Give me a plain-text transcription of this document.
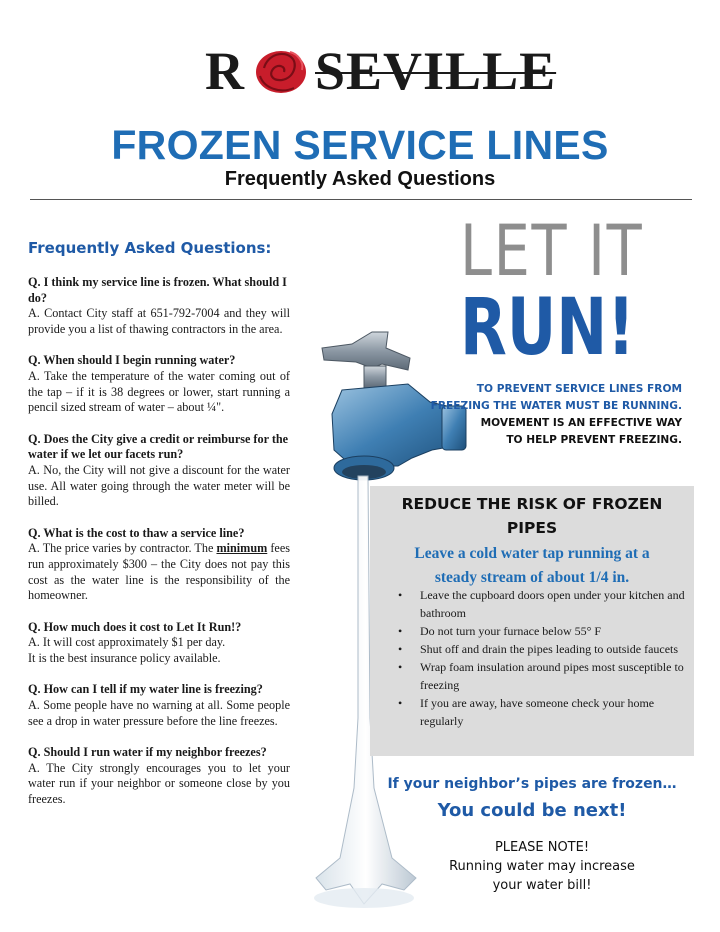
R SEVILLE
FROZEN SERVICE LINES
Frequently Asked Questions
Frequently Asked Questions:
Q. I think my service line is frozen. What should I do?
A. Contact City staff at 651-792-7004 and they will provide you a list of thawing contractors in the area.
Q. When should I begin running water?
A. Take the temperature of the water coming out of the tap – if it is 38 degrees or lower, start running a pencil sized stream of water – about ¼".
Q. Does the City give a credit or reimburse for the water if we let our facets run?
A. No, the City will not give a discount for the water use. All water going through the water meter will be billed.
Q. What is the cost to thaw a service line?
A. The price varies by contractor. The minimum fees run approximately $300 – the City does not pay this cost as the water line is the responsibility of the homeowner.
Q. How much does it cost to Let It Run!?
A. It will cost approximately $1 per day.
It is the best insurance policy available.
Q. How can I tell if my water line is freezing?
A. Some people have no warning at all. Some people see a drop in water pressure before the line freezes.
Q. Should I run water if my neighbor freezes?
A. The City strongly encourages you to let your water run if your neighbor or someone close by you freezes.
LET IT
RUN!
TO PREVENT SERVICE LINES FROM
FREEZING THE WATER MUST BE RUNNING.
MOVEMENT IS AN EFFECTIVE WAY
TO HELP PREVENT FREEZING.
REDUCE THE RISK OF FROZEN
PIPES
Leave a cold water tap running at a
steady stream of about 1/4 in.
• Leave the cupboard doors open under your kitchen and bathroom
• Do not turn your furnace below 55° F
• Shut off and drain the pipes leading to outside faucets
• Wrap foam insulation around pipes most susceptible to freezing
• If you are away, have someone check your home regularly
If your neighbor’s pipes are frozen…
You could be next!
PLEASE NOTE!
Running water may increase
your water bill!
